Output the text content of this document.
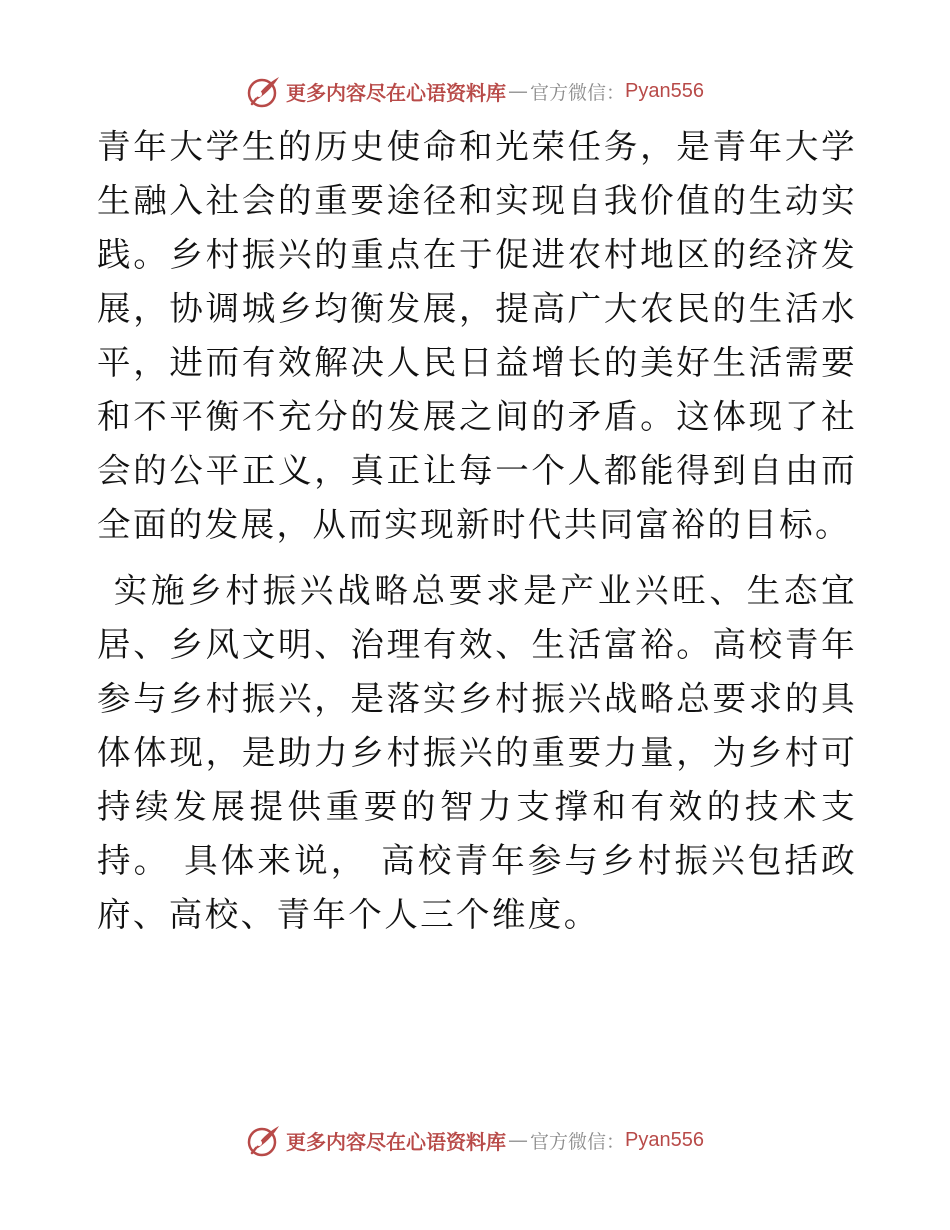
更多内容尽在心语资料库 — 官方微信： Pyan556

青年大学生的历史使命和光荣任务，是青年大学生融入社会的重要途径和实现自我价值的生动实践。乡村振兴的重点在于促进农村地区的经济发展，协调城乡均衡发展，提高广大农民的生活水平，进而有效解决人民日益增长的美好生活需要和不平衡不充分的发展之间的矛盾。这体现了社会的公平正义，真正让每一个人都能得到自由而全面的发展，从而实现新时代共同富裕的目标。

实施乡村振兴战略总要求是产业兴旺、生态宜居、乡风文明、治理有效、生活富裕。高校青年参与乡村振兴，是落实乡村振兴战略总要求的具体体现，是助力乡村振兴的重要力量，为乡村可持续发展提供重要的智力支撑和有效的技术支持。 具体来说， 高校青年参与乡村振兴包括政府、高校、青年个人三个维度。

更多内容尽在心语资料库 — 官方微信： Pyan556
